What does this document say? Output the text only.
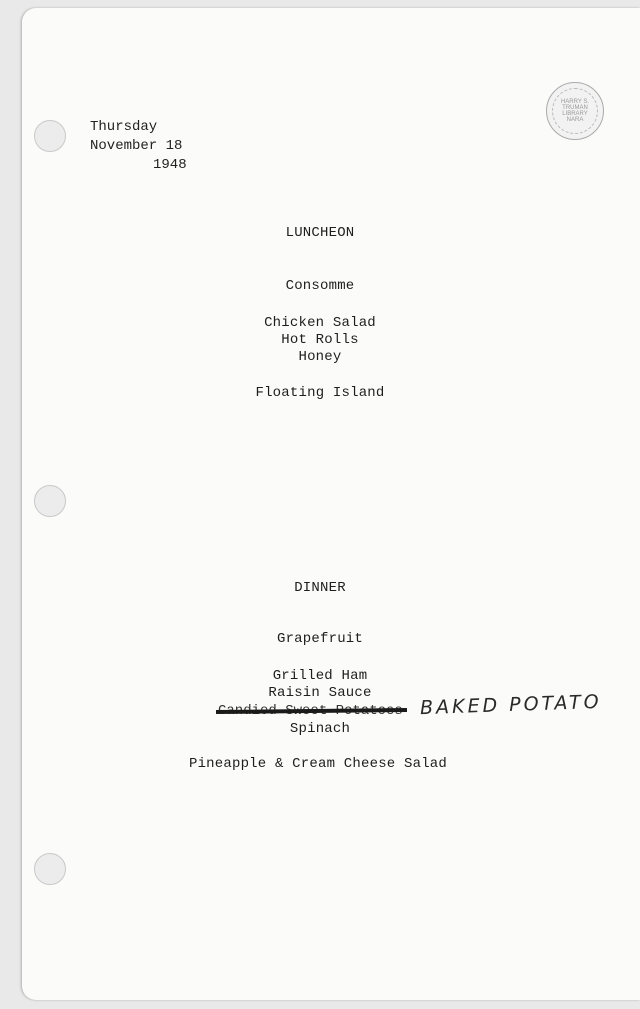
HARRY S. TRUMAN LIBRARY NARA
Thursday
November 18
1948
LUNCHEON
Consomme
Chicken Salad
Hot Rolls
Honey
Floating Island
DINNER
Grapefruit
Grilled Ham
Raisin Sauce
Spinach
Pineapple & Cream Cheese Salad
BAKED POTATO
